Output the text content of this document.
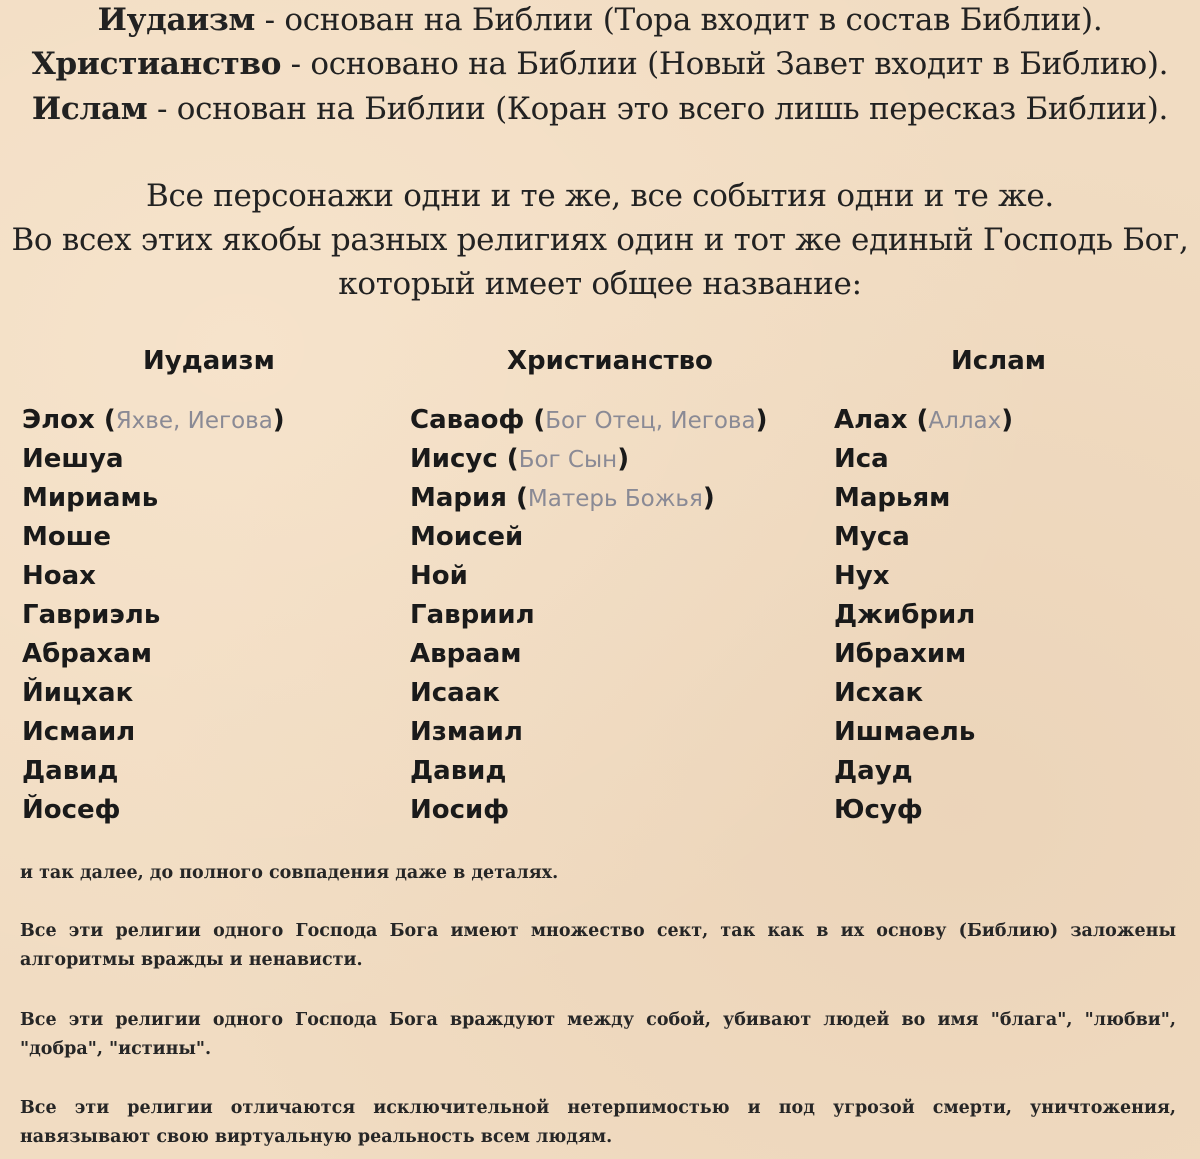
Иудаизм - основан на Библии (Тора входит в состав Библии).
Христианство - основано на Библии (Новый Завет входит в Библию).
Ислам - основан на Библии (Коран это всего лишь пересказ Библии).
Все персонажи одни и те же, все события одни и те же.
Во всех этих якобы разных религиях один и тот же единый Господь Бог,
который имеет общее название:
Иудаизм	Христианство	Ислам
Элох (Яхве, Иегова)
Иешуа
Мириамь
Моше
Ноах
Гавриэль
Абрахам
Йицхак
Исмаил
Давид
Йосеф
Саваоф (Бог Отец, Иегова)
Иисус (Бог Сын)
Мария (Матерь Божья)
Моисей
Ной
Гавриил
Авраам
Исаак
Измаил
Давид
Иосиф
Алах (Аллах)
Иса
Марьям
Муса
Нух
Джибрил
Ибрахим
Исхак
Ишмаель
Дауд
Юсуф
и так далее, до полного совпадения даже в деталях.
Все эти религии одного Господа Бога имеют множество сект, так как в их основу (Библию) заложены алгоритмы вражды и ненависти.
Все эти религии одного Господа Бога враждуют между собой, убивают людей во имя "блага", "любви", "добра", "истины".
Все эти религии отличаются исключительной нетерпимостью и под угрозой смерти, уничтожения, навязывают свою виртуальную реальность всем людям.
